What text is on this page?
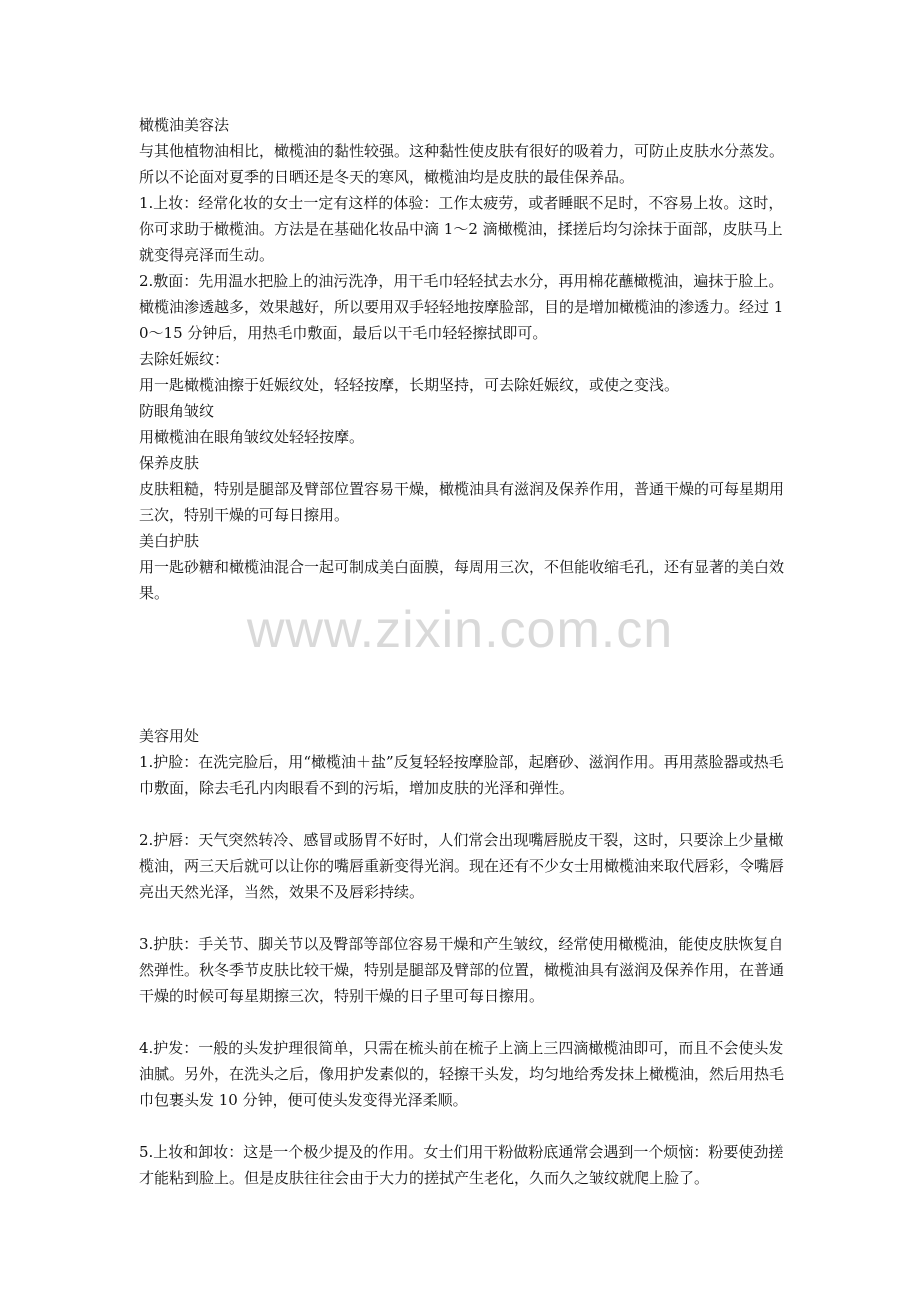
www.zixin.com.cn

橄榄油美容法

与其他植物油相比，橄榄油的黏性较强。这种黏性使皮肤有很好的吸着力，可防止皮肤水分蒸发。所以不论面对夏季的日晒还是冬天的寒风，橄榄油均是皮肤的最佳保养品。

1.上妆：经常化妆的女士一定有这样的体验：工作太疲劳，或者睡眠不足时，不容易上妆。这时，你可求助于橄榄油。方法是在基础化妆品中滴 1～2 滴橄榄油，揉搓后均匀涂抹于面部，皮肤马上就变得亮泽而生动。

2.敷面：先用温水把脸上的油污洗净，用干毛巾轻轻拭去水分，再用棉花蘸橄榄油，遍抹于脸上。橄榄油渗透越多，效果越好，所以要用双手轻轻地按摩脸部，目的是增加橄榄油的渗透力。经过 10～15 分钟后，用热毛巾敷面，最后以干毛巾轻轻擦拭即可。

去除妊娠纹：

用一匙橄榄油擦于妊娠纹处，轻轻按摩，长期坚持，可去除妊娠纹，或使之变浅。

防眼角皱纹

用橄榄油在眼角皱纹处轻轻按摩。

保养皮肤

皮肤粗糙，特别是腿部及臂部位置容易干燥，橄榄油具有滋润及保养作用，普通干燥的可每星期用三次，特别干燥的可每日擦用。

美白护肤

用一匙砂糖和橄榄油混合一起可制成美白面膜，每周用三次，不但能收缩毛孔，还有显著的美白效果。

美容用处

1.护脸：在洗完脸后，用“橄榄油＋盐”反复轻轻按摩脸部，起磨砂、滋润作用。再用蒸脸器或热毛巾敷面，除去毛孔内肉眼看不到的污垢，增加皮肤的光泽和弹性。

2.护唇：天气突然转冷、感冒或肠胃不好时，人们常会出现嘴唇脱皮干裂，这时，只要涂上少量橄榄油，两三天后就可以让你的嘴唇重新变得光润。现在还有不少女士用橄榄油来取代唇彩，令嘴唇亮出天然光泽，当然，效果不及唇彩持续。

3.护肤：手关节、脚关节以及臀部等部位容易干燥和产生皱纹，经常使用橄榄油，能使皮肤恢复自然弹性。秋冬季节皮肤比较干燥，特别是腿部及臂部的位置，橄榄油具有滋润及保养作用，在普通干燥的时候可每星期擦三次，特别干燥的日子里可每日擦用。

4.护发：一般的头发护理很简单，只需在梳头前在梳子上滴上三四滴橄榄油即可，而且不会使头发油腻。另外，在洗头之后，像用护发素似的，轻擦干头发，均匀地给秀发抹上橄榄油，然后用热毛巾包裹头发 10 分钟，便可使头发变得光泽柔顺。

5.上妆和卸妆：这是一个极少提及的作用。女士们用干粉做粉底通常会遇到一个烦恼：粉要使劲搓才能粘到脸上。但是皮肤往往会由于大力的搓拭产生老化，久而久之皱纹就爬上脸了。
